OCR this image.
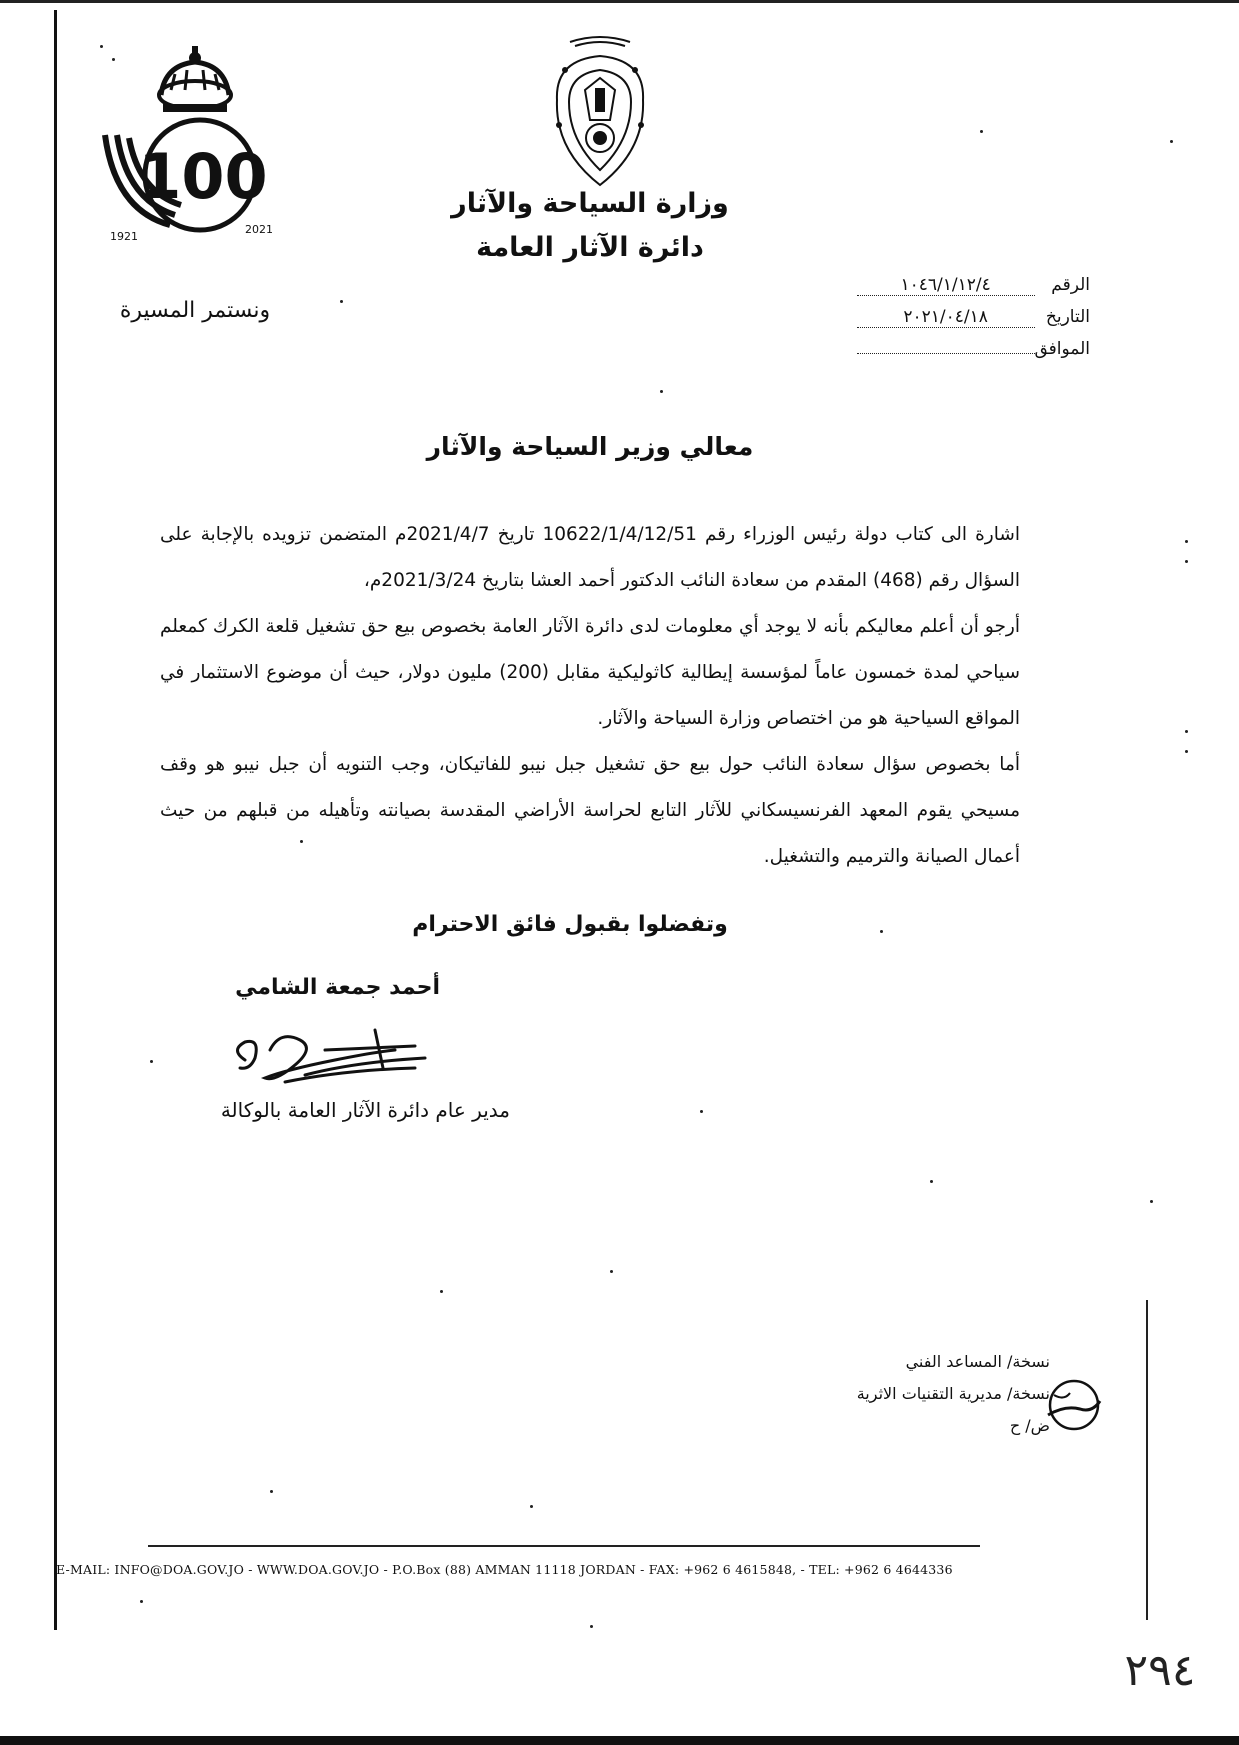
100
1921
2021
ونستمر المسيرة
وزارة السياحة والآثار
دائرة الآثار العامة
الرقم ١٠٤٦/١/١٢/٤
التاريخ ٢٠٢١/٠٤/١٨
الموافق
معالي وزير السياحة والآثار

اشارة الى كتاب دولة رئيس الوزراء رقم 10622/1/4/12/51 تاريخ 2021/4/7م المتضمن تزويده بالإجابة على السؤال رقم (468) المقدم من سعادة النائب الدكتور أحمد العشا بتاريخ 2021/3/24م،

أرجو أن أعلم معاليكم بأنه لا يوجد أي معلومات لدى دائرة الآثار العامة بخصوص بيع حق تشغيل قلعة الكرك كمعلم سياحي لمدة خمسون عاماً لمؤسسة إيطالية كاثوليكية مقابل (200) مليون دولار، حيث أن موضوع الاستثمار في المواقع السياحية هو من اختصاص وزارة السياحة والآثار.

أما بخصوص سؤال سعادة النائب حول بيع حق تشغيل جبل نيبو للفاتيكان، وجب التنويه أن جبل نيبو هو وقف مسيحي يقوم المعهد الفرنسيسكاني للآثار التابع لحراسة الأراضي المقدسة بصيانته وتأهيله من قبلهم من حيث أعمال الصيانة والترميم والتشغيل.

وتفضلوا بقبول فائق الاحترام
أحمد جمعة الشامي
مدير عام دائرة الآثار العامة بالوكالة
نسخة/ المساعد الفني
نسخة/ مديرية التقنيات الاثرية
ض/ ح
E-MAIL: INFO@DOA.GOV.JO - WWW.DOA.GOV.JO - P.O.Box (88) AMMAN 11118 JORDAN - FAX: +962 6 4615848, - TEL: +962 6 4644336
٢٩٤
